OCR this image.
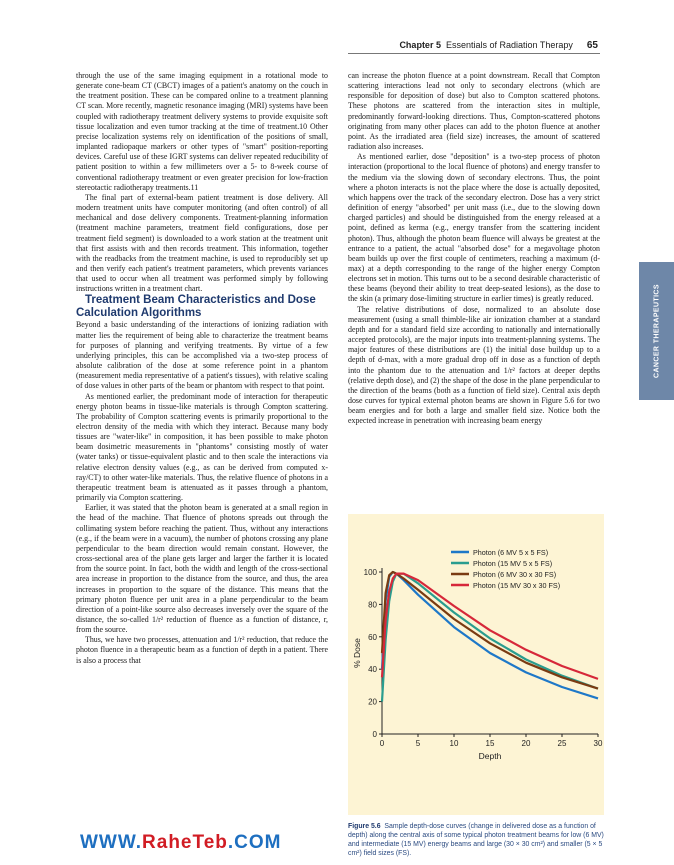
Chapter 5 Essentials of Radiation Therapy 65
CANCER THERAPEUTICS

through the use of the same imaging equipment in a rotational mode to generate cone-beam CT (CBCT) images of a patient's anatomy on the couch in the treatment position. These can be compared online to a treatment planning CT scan. More recently, magnetic resonance imaging (MRI) systems have been coupled with radiotherapy treatment delivery systems to provide exquisite soft tissue localization and even tumor tracking at the time of treatment.10 Other precise localization systems rely on identification of the positions of small, implanted radiopaque markers or other types of "smart" position-reporting devices. Careful use of these IGRT systems can deliver repeated reducibility of patient position to within a few millimeters over a 5- to 8-week course of conventional radiotherapy treatment or even greater precision for low-fraction stereotactic radiotherapy treatments.11

The final part of external-beam patient treatment is dose delivery. All modern treatment units have computer monitoring (and often control) of all mechanical and dose delivery components. Treatment-planning information (treatment machine parameters, treatment field configurations, dose per treatment field segment) is downloaded to a work station at the treatment unit that first assists with and then records treatment. This information, together with the readbacks from the treatment machine, is used to reproducibly set up and then verify each patient's treatment parameters, which prevents variances that used to occur when all treatment was performed simply by following instructions written in a treatment chart.

Treatment Beam Characteristics and Dose Calculation Algorithms

Beyond a basic understanding of the interactions of ionizing radiation with matter lies the requirement of being able to characterize the treatment beams for purposes of planning and verifying treatments. By virtue of a few underlying principles, this can be accomplished via a two-step process of absolute calibration of the dose at some reference point in a phantom (measurement media representative of a patient's tissues), with relative scaling of dose values in other parts of the beam or phantom with respect to that point.

As mentioned earlier, the predominant mode of interaction for therapeutic energy photon beams in tissue-like materials is through Compton scattering. The probability of Compton scattering events is primarily proportional to the electron density of the media with which they interact. Because many body tissues are "water-like" in composition, it has been possible to make photon beam dosimetric measurements in "phantoms" consisting mostly of water (water tanks) or tissue-equivalent plastic and to then scale the interactions via relative electron density values (e.g., as can be derived from computed x-ray/CT) to other water-like materials. Thus, the relative fluence of photons in a therapeutic treatment beam is attenuated as it passes through a phantom, primarily via Compton scattering.

Earlier, it was stated that the photon beam is generated at a small region in the head of the machine. That fluence of photons spreads out through the collimating system before reaching the patient. Thus, without any interactions (e.g., if the beam were in a vacuum), the number of photons crossing any plane perpendicular to the beam direction would remain constant. However, the cross-sectional area of the plane gets larger and larger the farther it is located from the source point. In fact, both the width and length of the cross-sectional area increase in proportion to the distance from the source, and thus, the area increases in proportion to the square of the distance. This means that the primary photon fluence per unit area in a plane perpendicular to the beam direction of a point-like source also decreases inversely over the square of the distance, the so-called 1/r² reduction of fluence as a function of distance, r, from the source.

Thus, we have two processes, attenuation and 1/r² reduction, that reduce the photon fluence in a therapeutic beam as a function of depth in a patient. There is also a process that

can increase the photon fluence at a point downstream. Recall that Compton scattering interactions lead not only to secondary electrons (which are responsible for deposition of dose) but also to Compton scattered photons. These photons are scattered from the interaction sites in multiple, predominantly forward-looking directions. Thus, Compton-scattered photons originating from many other places can add to the photon fluence at another point. As the irradiated area (field size) increases, the amount of scattered radiation also increases.

As mentioned earlier, dose "deposition" is a two-step process of photon interaction (proportional to the local fluence of photons) and energy transfer to the medium via the slowing down of secondary electrons. Thus, the point where a photon interacts is not the place where the dose is actually deposited, which happens over the track of the secondary electron. Dose has a very strict definition of energy "absorbed" per unit mass (i.e., due to the slowing down charged particles) and should be distinguished from the energy released at a point, defined as kerma (e.g., energy transfer from the scattering incident photon). Thus, although the photon beam fluence will always be greatest at the entrance to a patient, the actual "absorbed dose" for a megavoltage photon beam builds up over the first couple of centimeters, reaching a maximum (d-max) at a depth corresponding to the range of the higher energy Compton electrons set in motion. This turns out to be a second desirable characteristic of these beams (beyond their ability to treat deep-seated lesions), as the dose to the skin (a primary dose-limiting structure in earlier times) is greatly reduced.

The relative distributions of dose, normalized to an absolute dose measurement (using a small thimble-like air ionization chamber at a standard depth and for a standard field size according to nationally and internationally accepted protocols), are the major inputs into treatment-planning systems. The major features of these distributions are (1) the initial dose buildup up to a depth of d-max, with a more gradual drop off in dose as a function of depth into the phantom due to the attenuation and 1/r² factors at deeper depths (relative depth dose), and (2) the shape of the dose in the plane perpendicular to the direction of the beams (both as a function of field size). Central axis depth dose curves for typical external photon beams are shown in Figure 5.6 for two beam energies and for both a large and smaller field size. Notice both the expected increase in penetration with increasing beam energy

0	5	10	15	20	25	30
0
20
40
60
80
100
Depth
% Dose
Photon (6 MV 5 x 5 FS)
Photon (15 MV 5 x 5 FS)
Photon (6 MV 30 x 30 FS)
Photon (15 MV 30 x 30 FS)
Figure 5.6 Sample depth-dose curves (change in delivered dose as a function of depth) along the central axis of some typical photon treatment beams for low (6 MV) and intermediate (15 MV) energy beams and large (30 × 30 cm²) and smaller (5 × 5 cm²) field sizes (FS).
WWW.RaheTeb.COM
